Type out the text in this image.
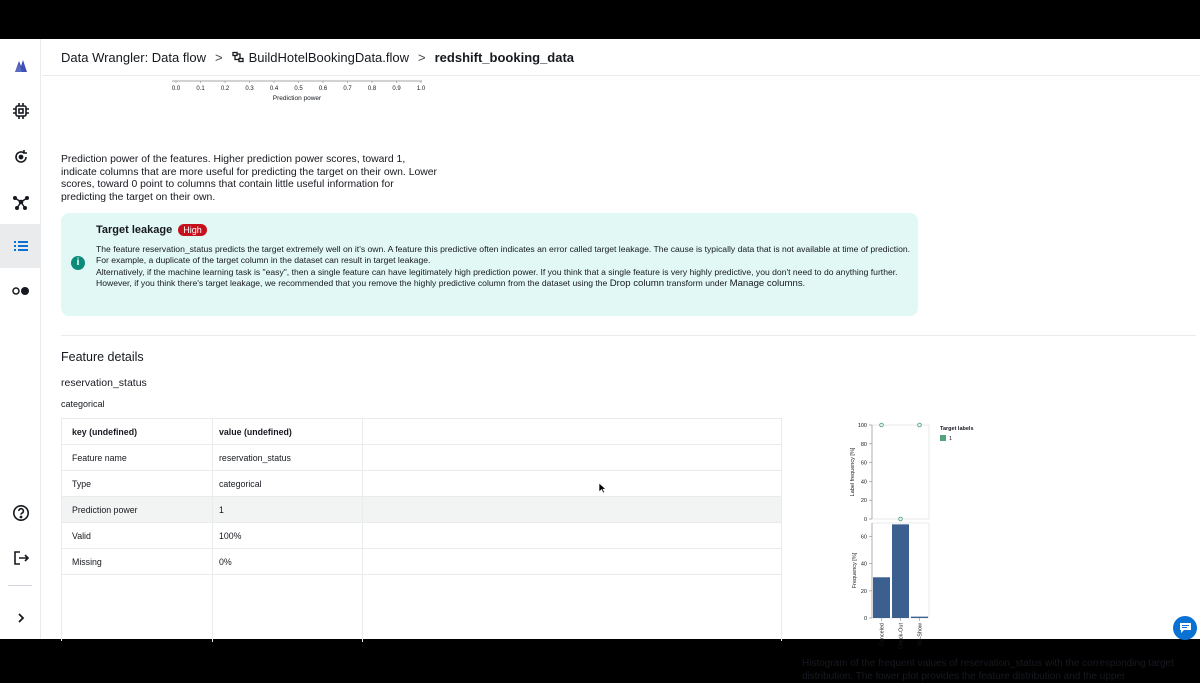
Data Wrangler: Data flow > BuildHotelBookingData.flow > redshift_booking_data
0.0	0.1	0.2	0.3	0.4	0.5	0.6	0.7	0.8	0.9	1.0
Prediction power
Prediction power of the features. Higher prediction power scores, toward 1, indicate columns that are more useful for predicting the target on their own. Lower scores, toward 0 point to columns that contain little useful information for predicting the target on their own.
i
Target leakage	High
The feature reservation_status predicts the target extremely well on it's own. A feature this predictive often indicates an error called target leakage. The cause is typically data that is not available at time of prediction. For example, a duplicate of the target column in the dataset can result in target leakage.
Alternatively, if the machine learning task is "easy", then a single feature can have legitimately high prediction power. If you think that a single feature is very highly predictive, you don't need to do anything further. However, if you think there's target leakage, we recommended that you remove the highly predictive column from the dataset using the Drop column transform under Manage columns.
Feature details
reservation_status
categorical
key (undefined)	value (undefined)
Feature name	reservation_status
Type	categorical
Prediction power	1
Valid	100%
Missing	0%
0
20
40
60
80
100
Label frequency [%]
Target labels
1
0
20
40
60
Frequency [%]
Canceled Check-Out No-Show
Histogram of the frequent values of reservation_status with the corresponding target distribution. The lower plot provides the feature distribution and the upper
